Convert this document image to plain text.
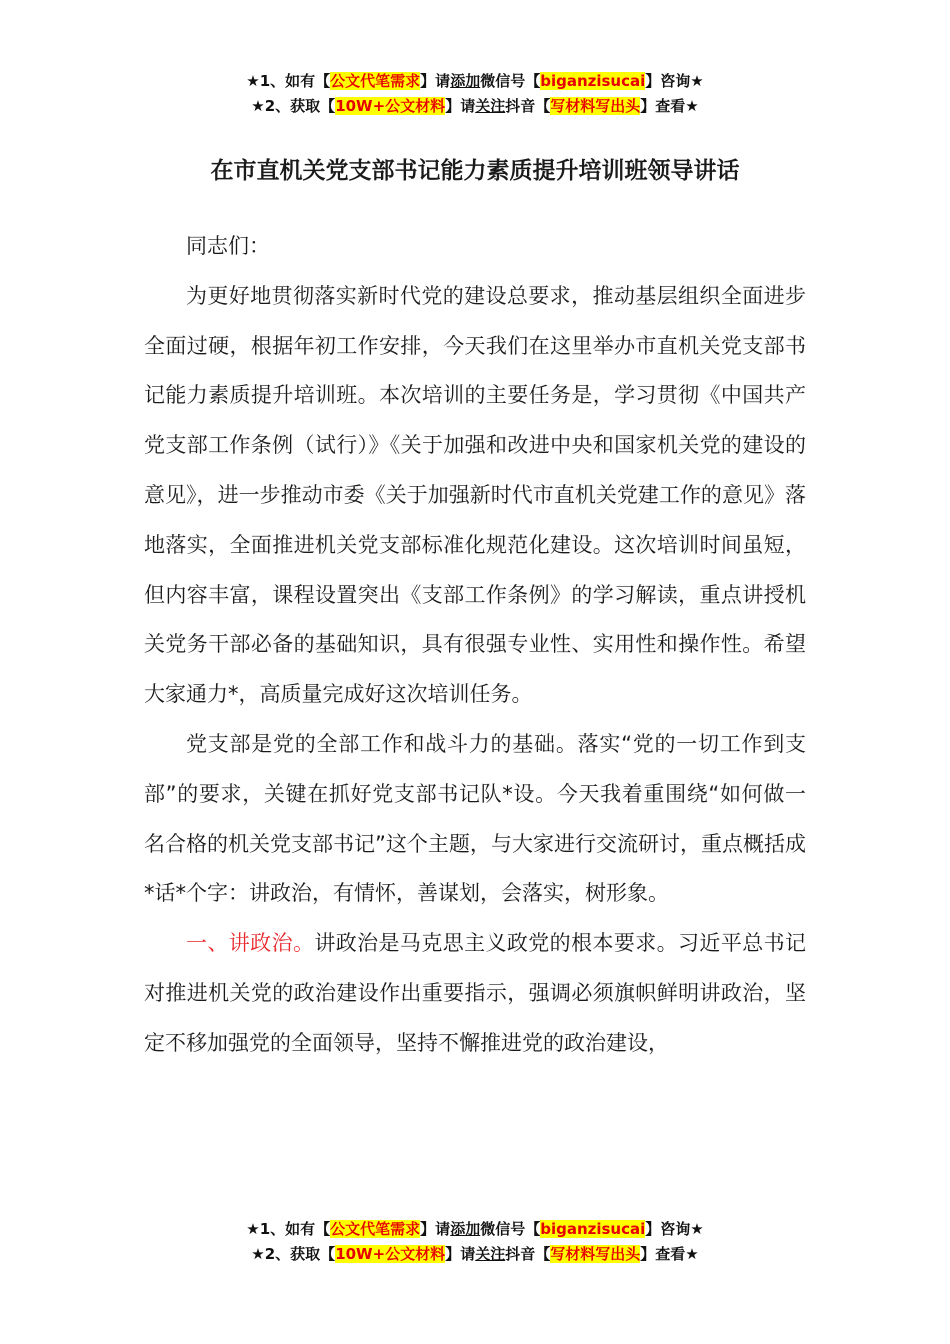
★1、如有【公文代笔需求】请添加微信号【biganzisucai】咨询★
★2、获取【10W+公文材料】请关注抖音【写材料写出头】查看★
在市直机关党支部书记能力素质提升培训班领导讲话

同志们：

为更好地贯彻落实新时代党的建设总要求，推动基层组织全面进步全面过硬，根据年初工作安排，今天我们在这里举办市直机关党支部书记能力素质提升培训班。本次培训的主要任务是，学习贯彻《中国共产党支部工作条例（试行）》《关于加强和改进中央和国家机关党的建设的意见》，进一步推动市委《关于加强新时代市直机关党建工作的意见》落地落实，全面推进机关党支部标准化规范化建设。这次培训时间虽短，但内容丰富，课程设置突出《支部工作条例》的学习解读，重点讲授机关党务干部必备的基础知识，具有很强专业性、实用性和操作性。希望大家通力*，高质量完成好这次培训任务。

党支部是党的全部工作和战斗力的基础。落实“党的一切工作到支部”的要求，关键在抓好党支部书记队*设。今天我着重围绕“如何做一名合格的机关党支部书记”这个主题，与大家进行交流研讨，重点概括成*话*个字：讲政治，有情怀，善谋划，会落实，树形象。

一、讲政治。讲政治是马克思主义政党的根本要求。习近平总书记对推进机关党的政治建设作出重要指示，强调必须旗帜鲜明讲政治，坚定不移加强党的全面领导，坚持不懈推进党的政治建设，

★1、如有【公文代笔需求】请添加微信号【biganzisucai】咨询★
★2、获取【10W+公文材料】请关注抖音【写材料写出头】查看★
